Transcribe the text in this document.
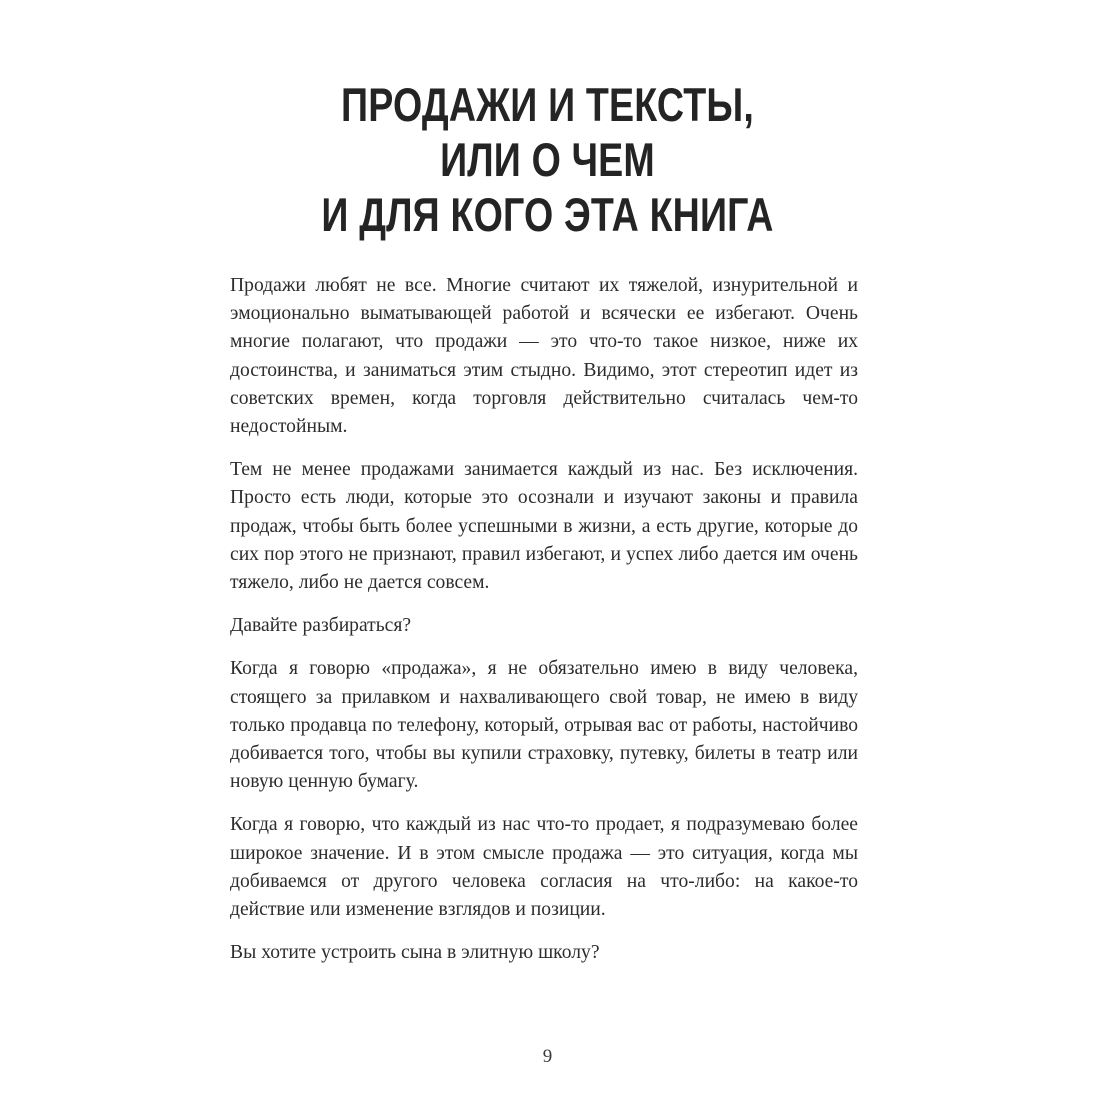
ПРОДАЖИ И ТЕКСТЫ,
ИЛИ О ЧЕМ
И ДЛЯ КОГО ЭТА КНИГА

Продажи любят не все. Многие считают их тяжелой, изнурительной и эмоционально выматывающей работой и всячески ее избегают. Очень многие полагают, что продажи — это что-то такое низкое, ниже их достоинства, и заниматься этим стыдно. Видимо, этот стереотип идет из советских времен, когда торговля действительно считалась чем-то недостойным.

Тем не менее продажами занимается каждый из нас. Без исключения. Просто есть люди, которые это осознали и изучают законы и правила продаж, чтобы быть более успешными в жизни, а есть другие, которые до сих пор этого не признают, правил избегают, и успех либо дается им очень тяжело, либо не дается совсем.

Давайте разбираться?

Когда я говорю «продажа», я не обязательно имею в виду человека, стоящего за прилавком и нахваливающего свой товар, не имею в виду только продавца по телефону, который, отрывая вас от работы, настойчиво добивается того, чтобы вы купили страховку, путевку, билеты в театр или новую ценную бумагу.

Когда я говорю, что каждый из нас что-то продает, я подразумеваю более широкое значение. И в этом смысле продажа — это ситуация, когда мы добиваемся от другого человека согласия на что-либо: на какое-то действие или изменение взглядов и позиции.

Вы хотите устроить сына в элитную школу?

9
